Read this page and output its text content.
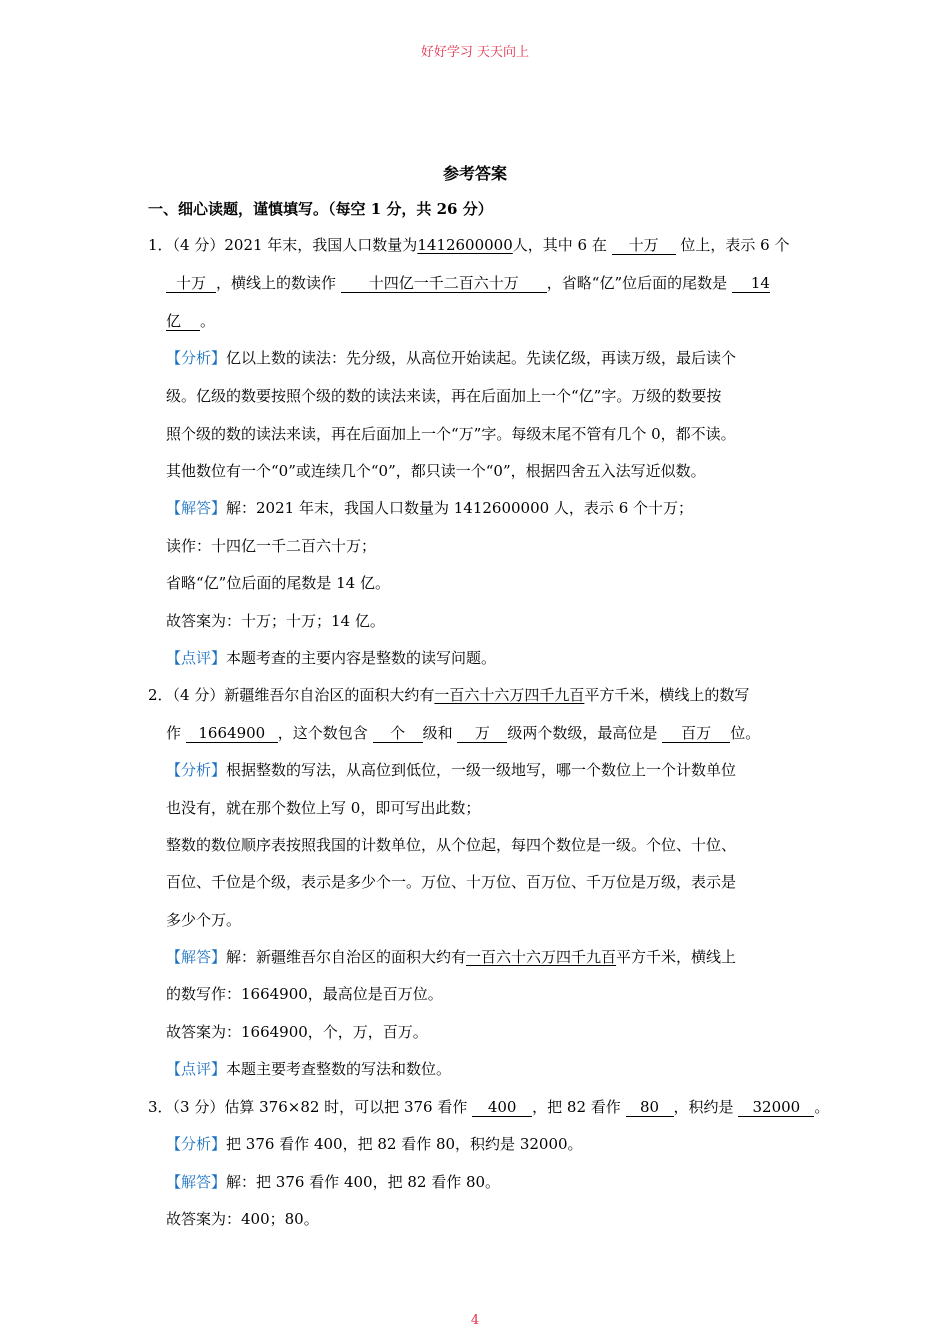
好好学习 天天向上
参考答案
一、细心读题，谨慎填写。（每空 1 分，共 26 分）
1．（4 分）2021 年末，我国人口数量为1412600000人，其中 6 在 十万 位上，表示 6 个
十万 ，横线上的数读作 十四亿一千二百六十万 ，省略“亿”位后面的尾数是 14
亿 。
【分析】亿以上数的读法：先分级，从高位开始读起。先读亿级，再读万级，最后读个
级。亿级的数要按照个级的数的读法来读，再在后面加上一个“亿”字。万级的数要按
照个级的数的读法来读，再在后面加上一个“万”字。每级末尾不管有几个 0，都不读。
其他数位有一个“0”或连续几个“0”，都只读一个“0”，根据四舍五入法写近似数。
【解答】解：2021 年末，我国人口数量为 1412600000 人，表示 6 个十万；
读作：十四亿一千二百六十万；
省略“亿”位后面的尾数是 14 亿。
故答案为：十万；十万；14 亿。
【点评】本题考查的主要内容是整数的读写问题。
2．（4 分）新疆维吾尔自治区的面积大约有一百六十六万四千九百平方千米，横线上的数写
作 1664900 ，这个数包含 个 级和 万 级两个数级，最高位是 百万 位。
【分析】根据整数的写法，从高位到低位，一级一级地写，哪一个数位上一个计数单位
也没有，就在那个数位上写 0，即可写出此数；
整数的数位顺序表按照我国的计数单位，从个位起，每四个数位是一级。个位、十位、
百位、千位是个级，表示是多少个一。万位、十万位、百万位、千万位是万级，表示是
多少个万。
【解答】解：新疆维吾尔自治区的面积大约有一百六十六万四千九百平方千米，横线上
的数写作：1664900，最高位是百万位。
故答案为：1664900，个，万，百万。
【点评】本题主要考查整数的写法和数位。
3．（3 分）估算 376×82 时，可以把 376 看作 400 ，把 82 看作 80 ，积约是 32000 。
【分析】把 376 看作 400，把 82 看作 80，积约是 32000。
【解答】解：把 376 看作 400，把 82 看作 80。
故答案为：400；80。
4
